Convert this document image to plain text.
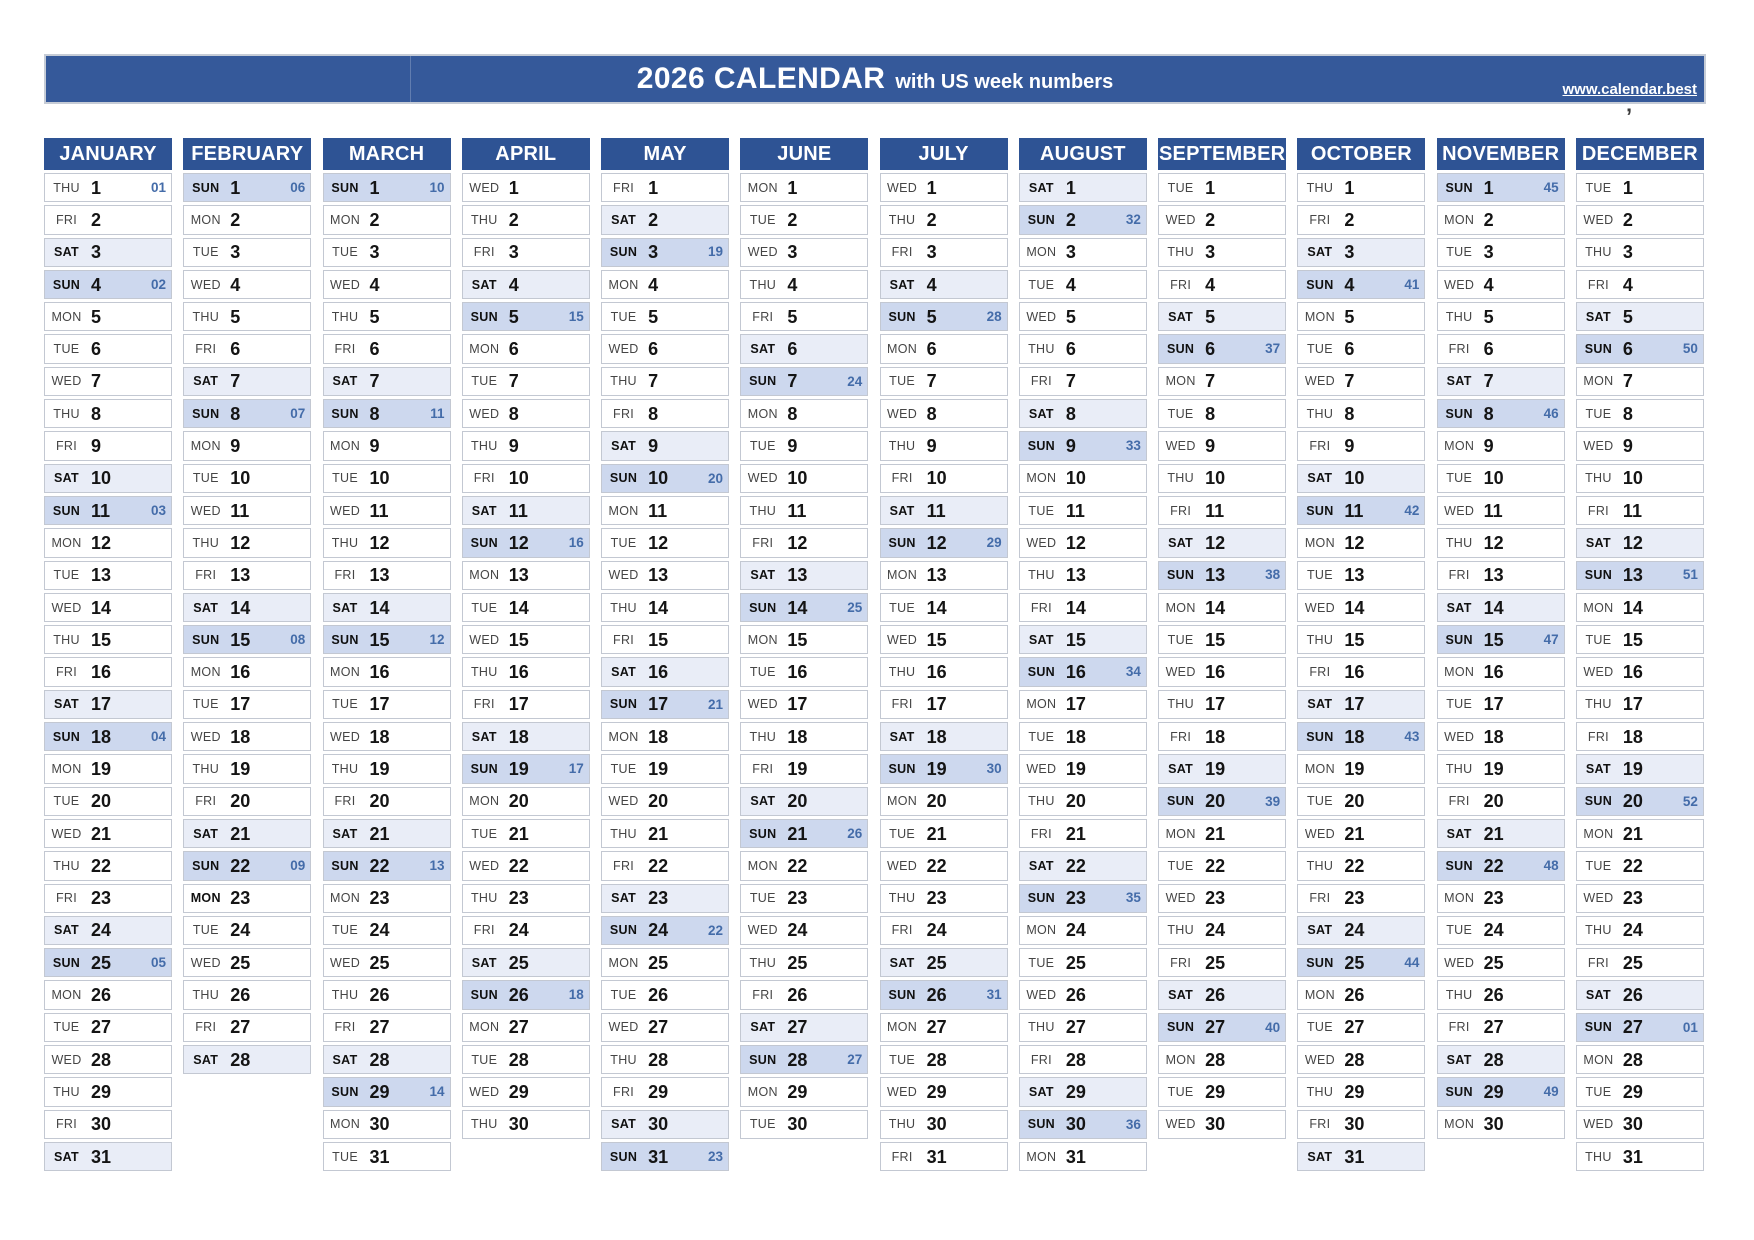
2026 CALENDAR with US week numbers	www.calendar.best
’
JANUARY
THU 1	01
FRI 2
SAT 3
SUN 4	02
MON 5
TUE 6
WED 7
THU 8
FRI 9
SAT 10
SUN 11	03
MON 12
TUE 13
WED 14
THU 15
FRI 16
SAT 17
SUN 18	04
MON 19
TUE 20
WED 21
THU 22
FRI 23
SAT 24
SUN 25	05
MON 26
TUE 27
WED 28
THU 29
FRI 30
SAT 31
FEBRUARY
SUN 1	06
MON 2
TUE 3
WED 4
THU 5
FRI 6
SAT 7
SUN 8	07
MON 9
TUE 10
WED 11
THU 12
FRI 13
SAT 14
SUN 15	08
MON 16
TUE 17
WED 18
THU 19
FRI 20
SAT 21
SUN 22	09
MON 23
TUE 24
WED 25
THU 26
FRI 27
SAT 28
MARCH
SUN 1	10
MON 2
TUE 3
WED 4
THU 5
FRI 6
SAT 7
SUN 8	11
MON 9
TUE 10
WED 11
THU 12
FRI 13
SAT 14
SUN 15	12
MON 16
TUE 17
WED 18
THU 19
FRI 20
SAT 21
SUN 22	13
MON 23
TUE 24
WED 25
THU 26
FRI 27
SAT 28
SUN 29	14
MON 30
TUE 31
APRIL
WED 1
THU 2
FRI 3
SAT 4
SUN 5	15
MON 6
TUE 7
WED 8
THU 9
FRI 10
SAT 11
SUN 12	16
MON 13
TUE 14
WED 15
THU 16
FRI 17
SAT 18
SUN 19	17
MON 20
TUE 21
WED 22
THU 23
FRI 24
SAT 25
SUN 26	18
MON 27
TUE 28
WED 29
THU 30
MAY
FRI 1
SAT 2
SUN 3	19
MON 4
TUE 5
WED 6
THU 7
FRI 8
SAT 9
SUN 10	20
MON 11
TUE 12
WED 13
THU 14
FRI 15
SAT 16
SUN 17	21
MON 18
TUE 19
WED 20
THU 21
FRI 22
SAT 23
SUN 24	22
MON 25
TUE 26
WED 27
THU 28
FRI 29
SAT 30
SUN 31	23
JUNE
MON 1
TUE 2
WED 3
THU 4
FRI 5
SAT 6
SUN 7	24
MON 8
TUE 9
WED 10
THU 11
FRI 12
SAT 13
SUN 14	25
MON 15
TUE 16
WED 17
THU 18
FRI 19
SAT 20
SUN 21	26
MON 22
TUE 23
WED 24
THU 25
FRI 26
SAT 27
SUN 28	27
MON 29
TUE 30
JULY
WED 1
THU 2
FRI 3
SAT 4
SUN 5	28
MON 6
TUE 7
WED 8
THU 9
FRI 10
SAT 11
SUN 12	29
MON 13
TUE 14
WED 15
THU 16
FRI 17
SAT 18
SUN 19	30
MON 20
TUE 21
WED 22
THU 23
FRI 24
SAT 25
SUN 26	31
MON 27
TUE 28
WED 29
THU 30
FRI 31
AUGUST
SAT 1
SUN 2	32
MON 3
TUE 4
WED 5
THU 6
FRI 7
SAT 8
SUN 9	33
MON 10
TUE 11
WED 12
THU 13
FRI 14
SAT 15
SUN 16	34
MON 17
TUE 18
WED 19
THU 20
FRI 21
SAT 22
SUN 23	35
MON 24
TUE 25
WED 26
THU 27
FRI 28
SAT 29
SUN 30	36
MON 31
SEPTEMBER
TUE 1
WED 2
THU 3
FRI 4
SAT 5
SUN 6	37
MON 7
TUE 8
WED 9
THU 10
FRI 11
SAT 12
SUN 13	38
MON 14
TUE 15
WED 16
THU 17
FRI 18
SAT 19
SUN 20	39
MON 21
TUE 22
WED 23
THU 24
FRI 25
SAT 26
SUN 27	40
MON 28
TUE 29
WED 30
OCTOBER
THU 1
FRI 2
SAT 3
SUN 4	41
MON 5
TUE 6
WED 7
THU 8
FRI 9
SAT 10
SUN 11	42
MON 12
TUE 13
WED 14
THU 15
FRI 16
SAT 17
SUN 18	43
MON 19
TUE 20
WED 21
THU 22
FRI 23
SAT 24
SUN 25	44
MON 26
TUE 27
WED 28
THU 29
FRI 30
SAT 31
NOVEMBER
SUN 1	45
MON 2
TUE 3
WED 4
THU 5
FRI 6
SAT 7
SUN 8	46
MON 9
TUE 10
WED 11
THU 12
FRI 13
SAT 14
SUN 15	47
MON 16
TUE 17
WED 18
THU 19
FRI 20
SAT 21
SUN 22	48
MON 23
TUE 24
WED 25
THU 26
FRI 27
SAT 28
SUN 29	49
MON 30
DECEMBER
TUE 1
WED 2
THU 3
FRI 4
SAT 5
SUN 6	50
MON 7
TUE 8
WED 9
THU 10
FRI 11
SAT 12
SUN 13	51
MON 14
TUE 15
WED 16
THU 17
FRI 18
SAT 19
SUN 20	52
MON 21
TUE 22
WED 23
THU 24
FRI 25
SAT 26
SUN 27	01
MON 28
TUE 29
WED 30
THU 31
